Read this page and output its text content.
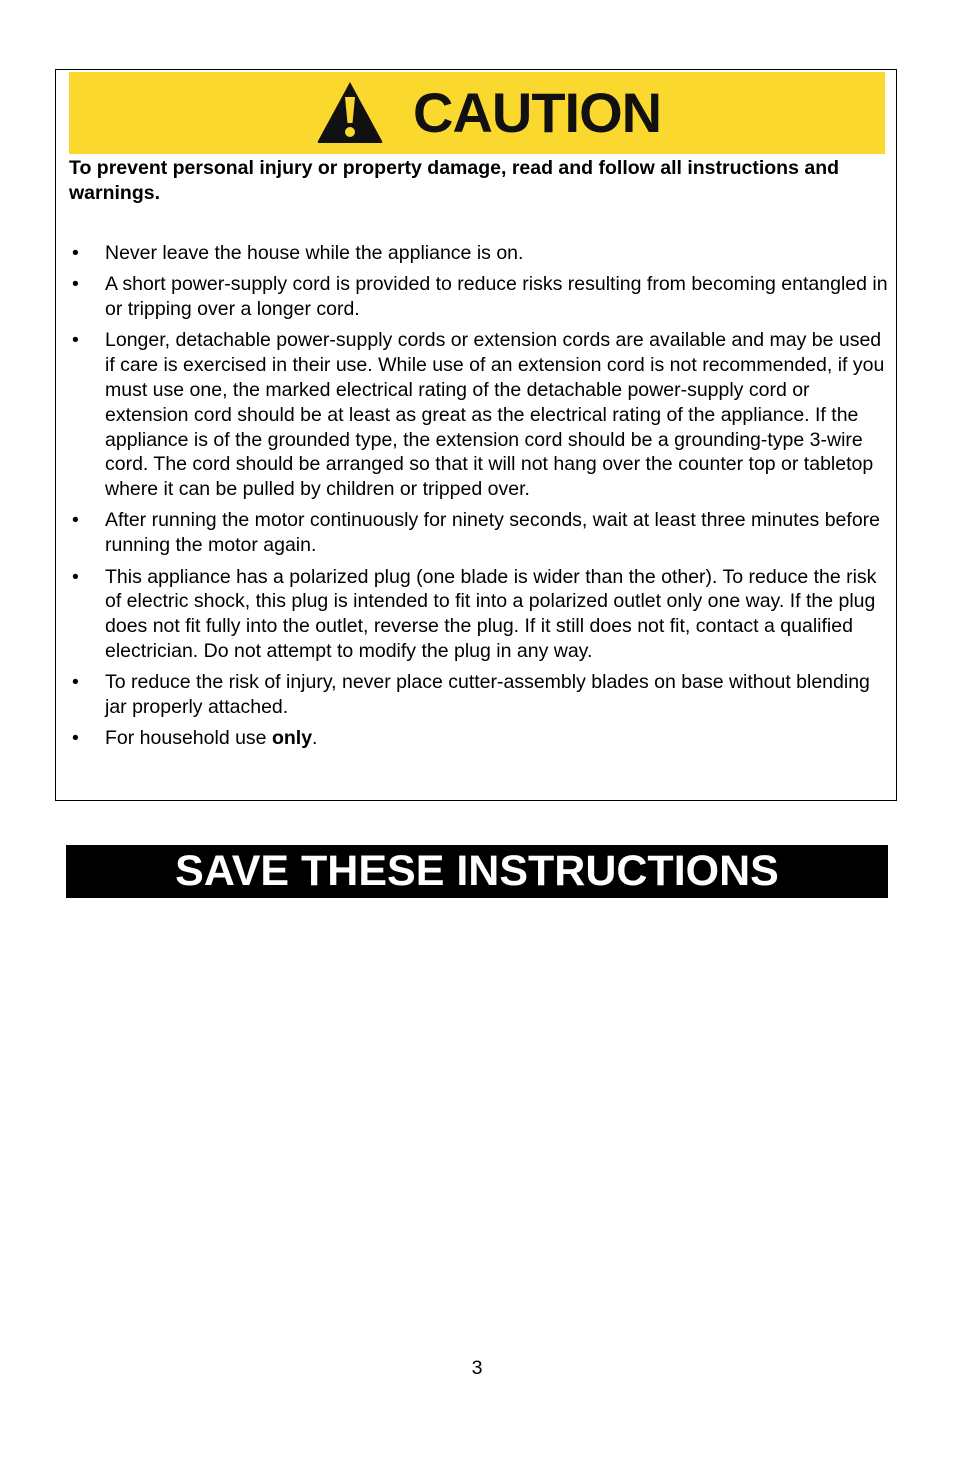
CAUTION
To prevent personal injury or property damage, read and follow all instructions and warnings.
• Never leave the house while the appliance is on.
• A short power-supply cord is provided to reduce risks resulting from becoming entangled in or tripping over a longer cord.
• Longer, detachable power-supply cords or extension cords are available and may be used if care is exercised in their use. While use of an extension cord is not recommended, if you must use one, the marked electrical rating of the detachable power-supply cord or extension cord should be at least as great as the electrical rating of the appliance. If the appliance is of the grounded type, the extension cord should be a grounding-type 3-wire cord. The cord should be arranged so that it will not hang over the counter top or tabletop where it can be pulled by children or tripped over.
• After running the motor continuously for ninety seconds, wait at least three minutes before running the motor again.
• This appliance has a polarized plug (one blade is wider than the other). To reduce the risk of electric shock, this plug is intended to fit into a polarized outlet only one way. If the plug does not fit fully into the outlet, reverse the plug. If it still does not fit, contact a qualified electrician. Do not attempt to modify the plug in any way.
• To reduce the risk of injury, never place cutter-assembly blades on base without blending jar properly attached.
• For household use only.
SAVE THESE INSTRUCTIONS
3
